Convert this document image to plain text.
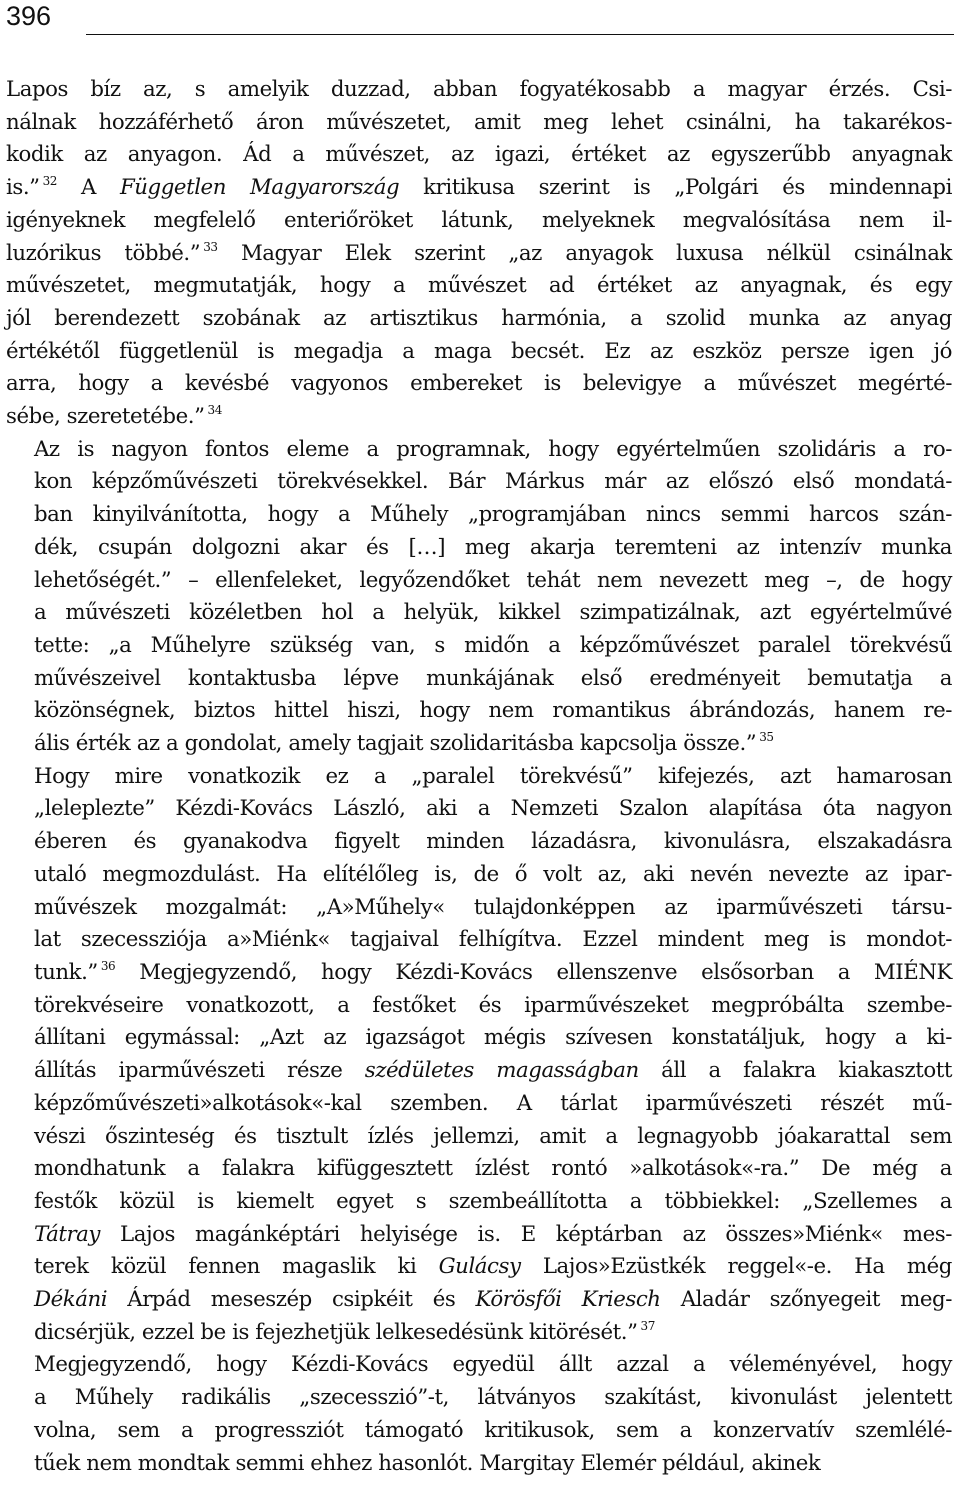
396

Lapos bíz az, s amelyik duzzad, abban fogyatékosabb a magyar érzés. Csi-
nálnak hozzáférhető áron művészetet, amit meg lehet csinálni, ha takarékos-
kodik az anyagon. Ád a művészet, az igazi, értéket az egyszerűbb anyagnak
is.” $^{32}$ A Független Magyarország kritikusa szerint is „Polgári és mindennapi
igényeknek megfelelő enteriőröket látunk, melyeknek megvalósítása nem il-
luzórikus többé.” $^{33}$ Magyar Elek szerint „az anyagok luxusa nélkül csinálnak
művészetet, megmutatják, hogy a művészet ad értéket az anyagnak, és egy
jól berendezett szobának az artisztikus harmónia, a szolid munka az anyag
értékétől függetlenül is megadja a maga becsét. Ez az eszköz persze igen jó
arra, hogy a kevésbé vagyonos embereket is belevigye a művészet megérté-
sébe, szeretetébe.” $^{34}$

Az is nagyon fontos eleme a programnak, hogy egyértelműen szolidáris a ro-
kon képzőművészeti törekvésekkel. Bár Márkus már az előszó első mondatá-
ban kinyilvánította, hogy a Műhely „programjában nincs semmi harcos szán-
dék, csupán dolgozni akar és […] meg akarja teremteni az intenzív munka
lehetőségét.” – ellenfeleket, legyőzendőket tehát nem nevezett meg –, de hogy
a művészeti közéletben hol a helyük, kikkel szimpatizálnak, azt egyértelművé
tette: „a Műhelyre szükség van, s midőn a képzőművészet paralel törekvésű
művészeivel kontaktusba lépve munkájának első eredményeit bemutatja a
közönségnek, biztos hittel hiszi, hogy nem romantikus ábrándozás, hanem re-
ális érték az a gondolat, amely tagjait szolidaritásba kapcsolja össze.” $^{35}$

Hogy mire vonatkozik ez a „paralel törekvésű” kifejezés, azt hamarosan
„leleplezte” Kézdi-Kovács László, aki a Nemzeti Szalon alapítása óta nagyon
éberen és gyanakodva figyelt minden lázadásra, kivonulásra, elszakadásra
utaló megmozdulást. Ha elítélőleg is, de ő volt az, aki nevén nevezte az ipar-
művészek mozgalmát: „A»Műhely« tulajdonképpen az iparművészeti társu-
lat szecessziója a»Miénk« tagjaival felhígítva. Ezzel mindent meg is mondot-
tunk.” $^{36}$ Megjegyzendő, hogy Kézdi-Kovács ellenszenve elsősorban a MIÉNK
törekvéseire vonatkozott, a festőket és iparművészeket megpróbálta szembe-
állítani egymással: „Azt az igazságot mégis szívesen konstatáljuk, hogy a ki-
állítás iparművészeti része szédületes magasságban áll a falakra kiakasztott
képzőművészeti»alkotások«-kal szemben. A tárlat iparművészeti részét mű-
vészi őszinteség és tisztult ízlés jellemzi, amit a legnagyobb jóakarattal sem
mondhatunk a falakra kifüggesztett ízlést rontó »alkotások«-ra.” De még a
festők közül is kiemelt egyet s szembeállította a többiekkel: „Szellemes a
Tátray Lajos magánképtári helyisége is. E képtárban az összes»Miénk« mes-
terek közül fennen magaslik ki Gulácsy Lajos»Ezüstkék reggel«-e. Ha még
Dékáni Árpád meseszép csipkéit és Körösfői Kriesch Aladár szőnyegeit meg-
dicsérjük, ezzel be is fejezhetjük lelkesedésünk kitörését.” $^{37}$

Megjegyzendő, hogy Kézdi-Kovács egyedül állt azzal a véleményével, hogy
a Műhely radikális „szecesszió”-t, látványos szakítást, kivonulást jelentett
volna, sem a progressziót támogató kritikusok, sem a konzervatív szemlélé-
tűek nem mondtak semmi ehhez hasonlót. Margitay Elemér például, akinek
